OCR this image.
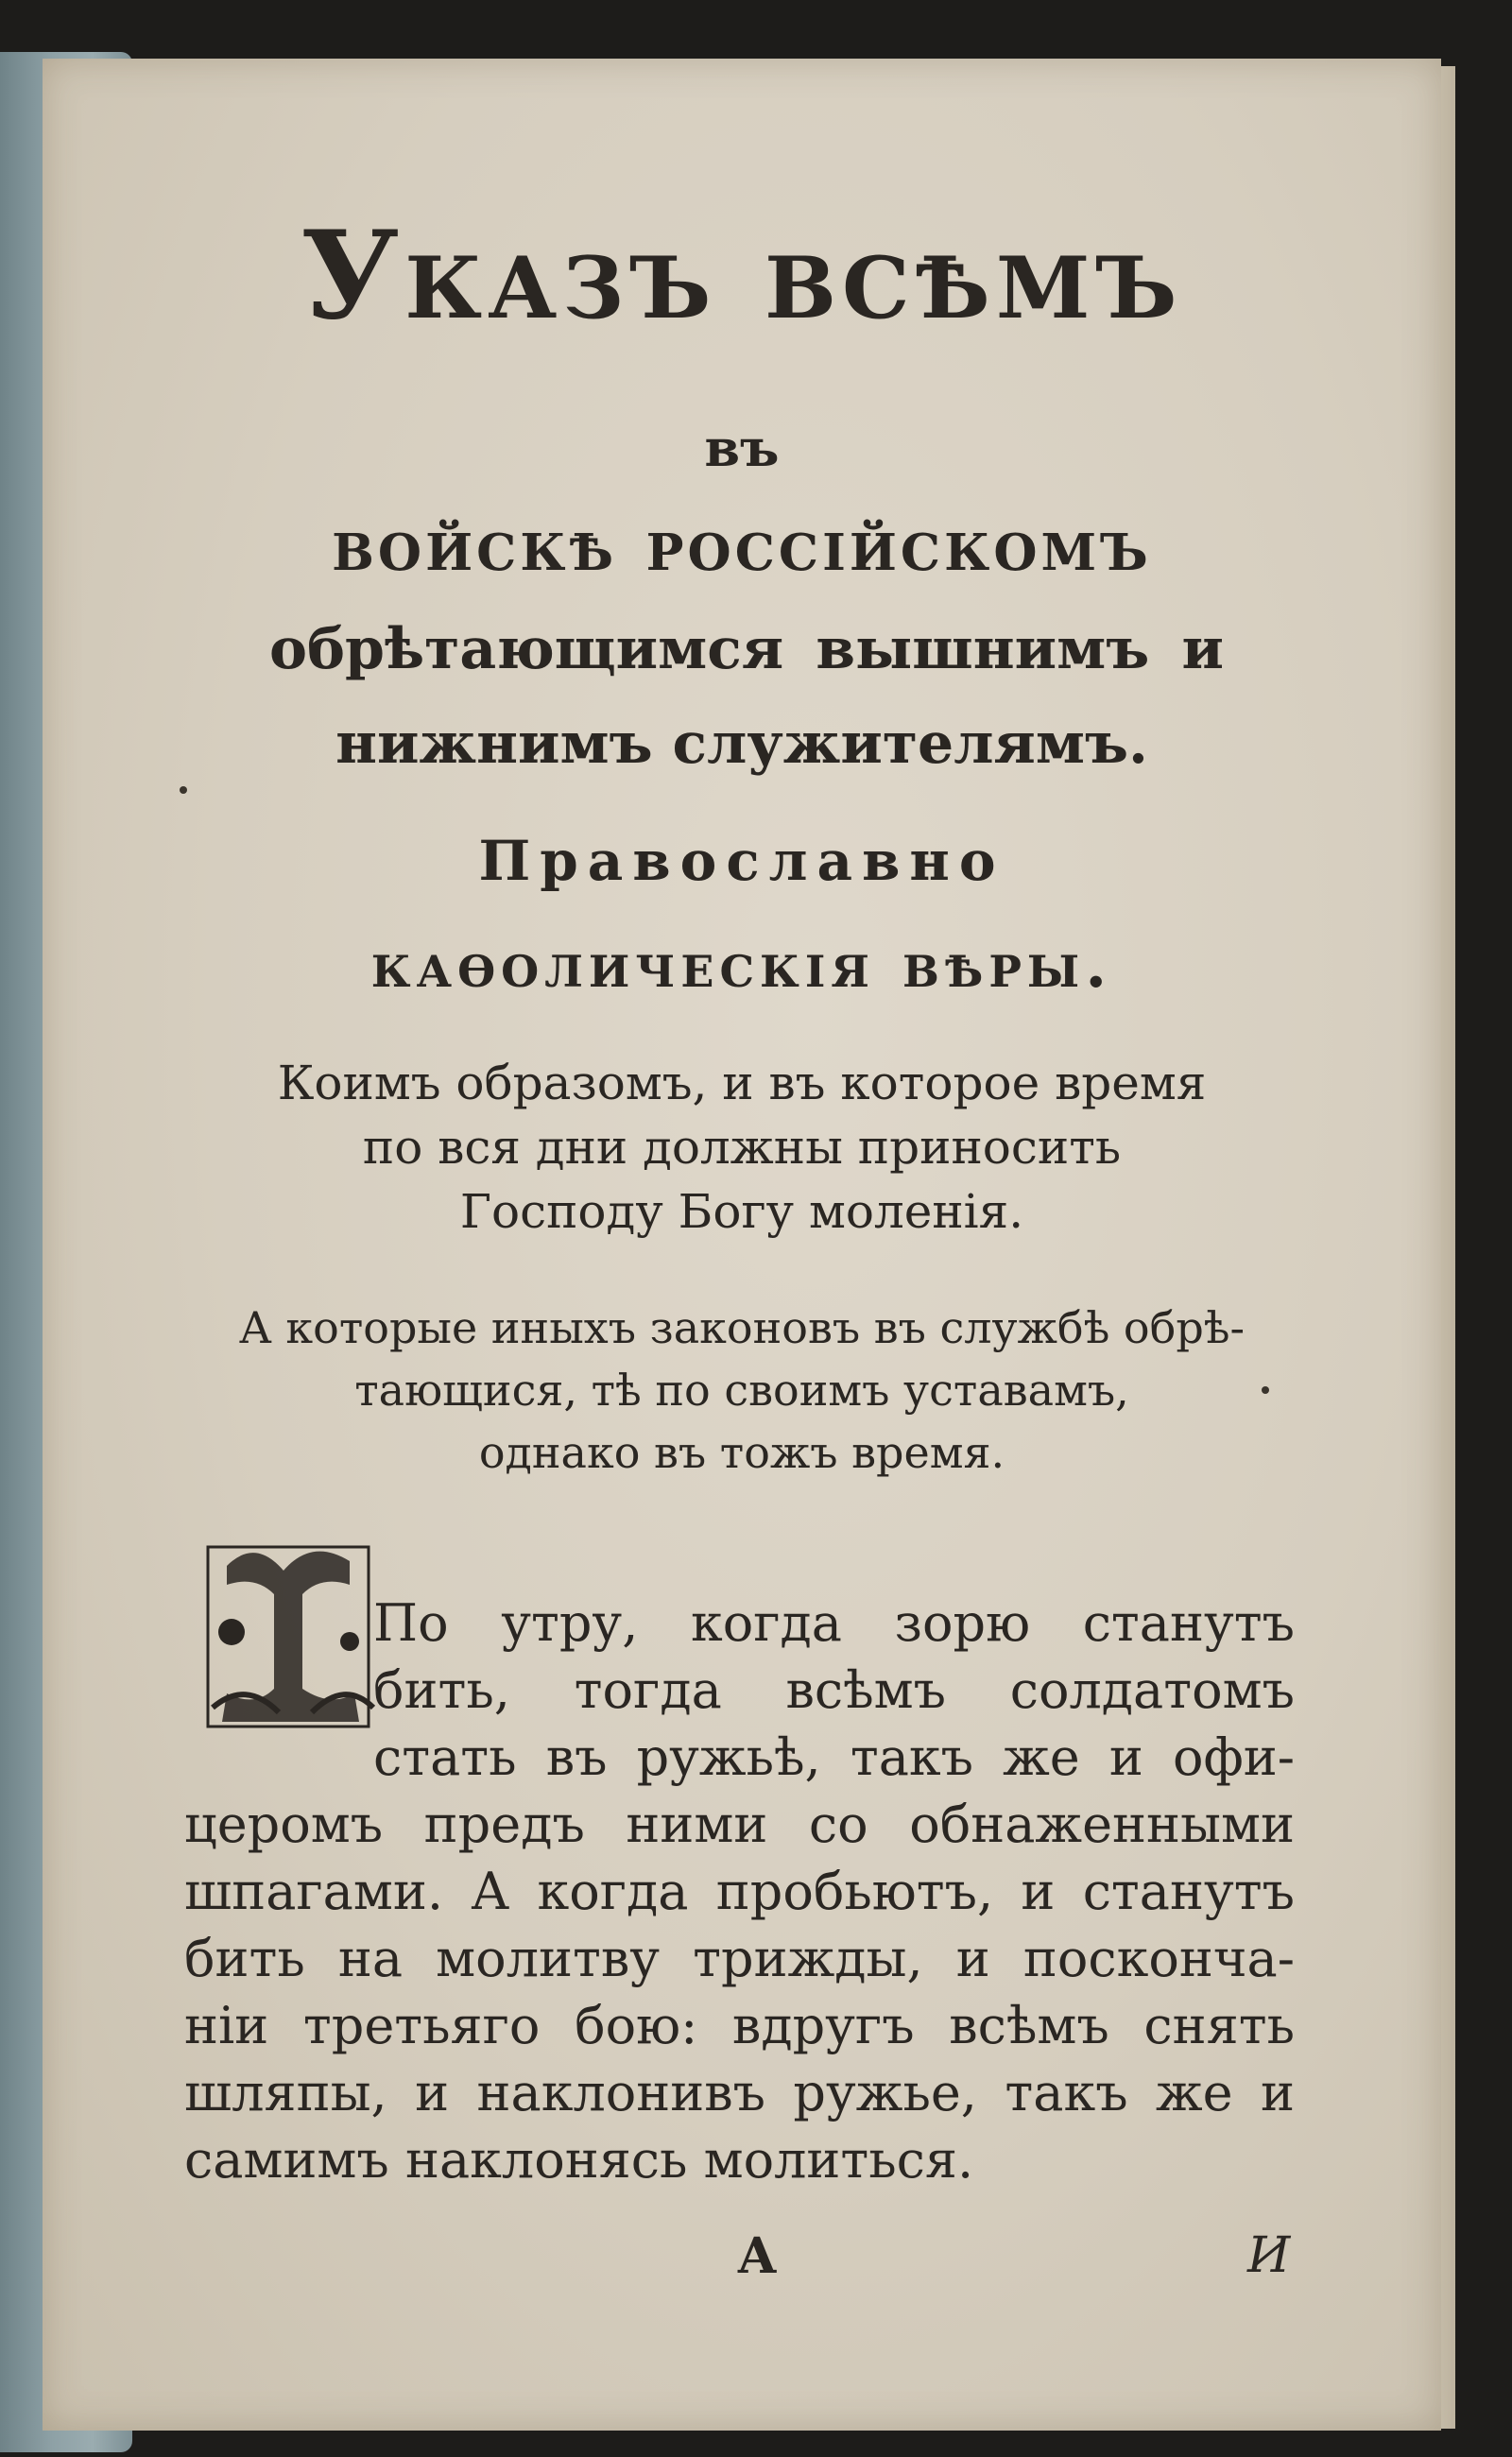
Указъ всѣмъ
въ
войскѣ россійскомъ
обрѣтающимся вышнимъ и
нижнимъ служителямъ.
Православно
каѳолическія вѣры.
Коимъ образомъ, и въ которое время
по вся дни должны приносить
Господу Богу моленія.
А которые иныхъ законовъ въ службѣ обрѣ-
тающися, тѣ по своимъ уставамъ,
однако въ тожъ время.
По утру, когда зорю станутъ
бить, тогда всѣмъ солдатомъ
стать въ ружьѣ, такъ же и офи-
церомъ предъ ними со обнаженными
шпагами. А когда пробьютъ, и станутъ
бить на молитву трижды, и поскончa-
ніи третьяго бою: вдругъ всѣмъ снять
шляпы, и наклонивъ ружье, такъ же и
самимъ наклонясь молиться.
А	И
